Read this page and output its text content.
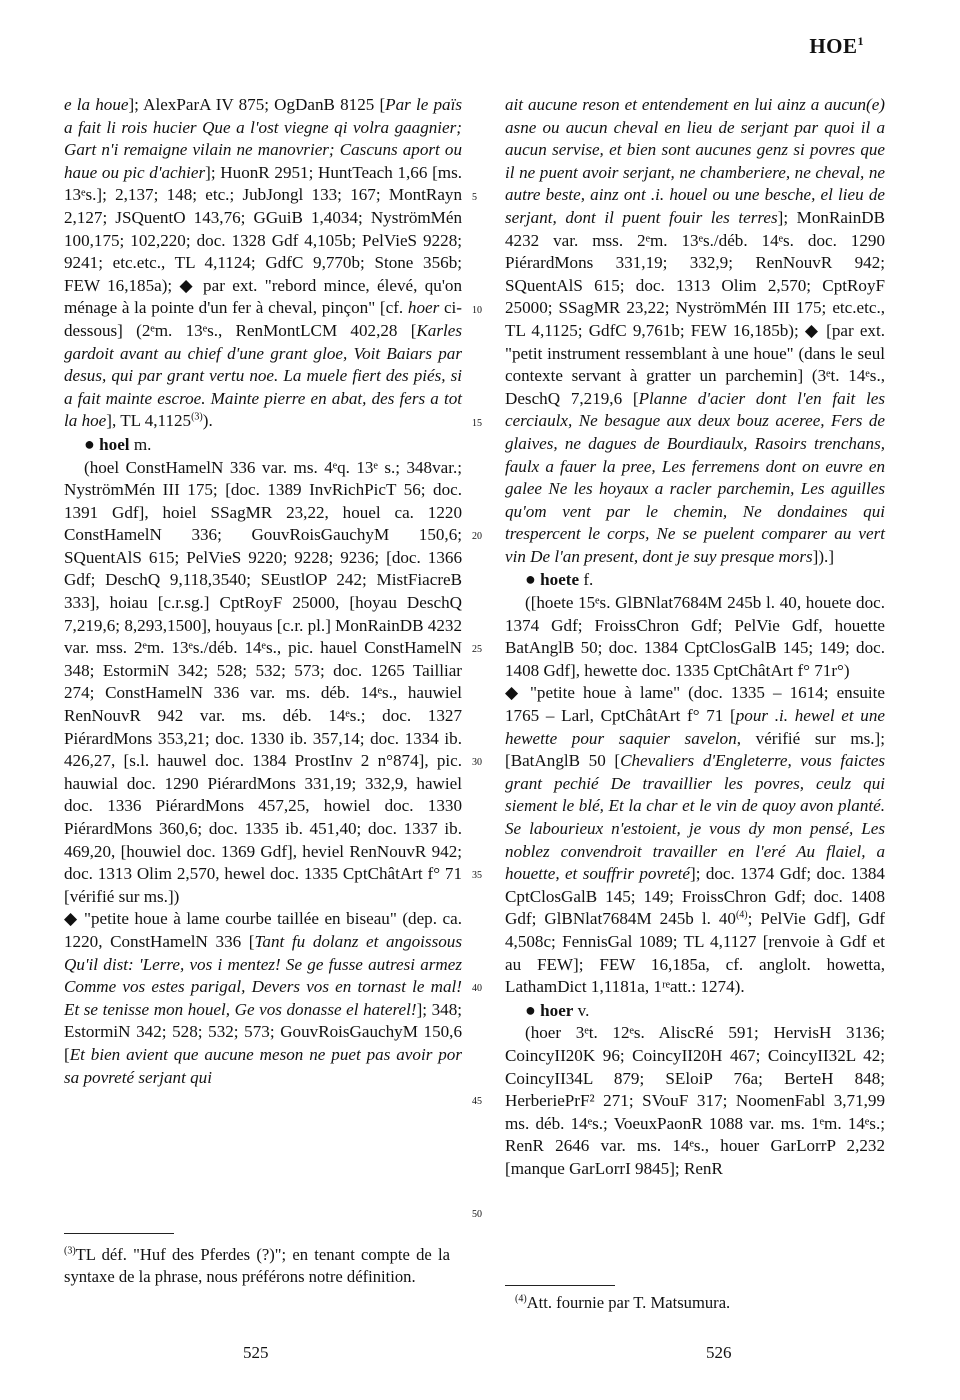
HOE$^1$

e la houe]; AlexParA IV 875; OgDanB 8125 [Par le païs a fait li rois hucier Que a l'ost viegne qi volra gaagnier; Gart n'i remaigne vilain ne manovrier; Cascuns aport ou haue ou pic d'achier]; HuonR 2951; HuntTeach 1,66 [ms. 13ᵉs.]; 2,137; 148; etc.; JubJongl 133; 167; MontRayn 2,127; JSQuentO 143,76; GGuiB 1,4034; NyströmMén 100,175; 102,220; doc. 1328 Gdf 4,105b; PelVieS 9228; 9241; etc.etc., TL 4,1124; GdfC 9,770b; Stone 356b; FEW 16,185a); ◆ par ext. "rebord mince, élevé, qu'on ménage à la pointe d'un fer à cheval, pinçon" [cf. hoer ci-dessous] (2ᵉm. 13ᵉs., RenMontLCM 402,28 [Karles gardoit avant au chief d'une grant gloe, Voit Baiars par desus, qui par grant vertu noe. La muele fiert des piés, si a fait mainte escroe. Mainte pierre en abat, des fers a tot la hoe], TL 4,1125$^{(3)}$).

● hoel m.

(hoel ConstHamelN 336 var. ms. 4ᵉq. 13ᵉ s.; 348var.; NyströmMén III 175; [doc. 1389 InvRichPicT 56; doc. 1391 Gdf], hoiel SSagMR 23,22, houel ca. 1220 ConstHamelN 336; GouvRoisGauchyM 150,6; SQuentAlS 615; PelVieS 9220; 9228; 9236; [doc. 1366 Gdf; DeschQ 9,118,3540; SEustlOP 242; MistFiacreB 333], hoiau [c.r.sg.] CptRoyF 25000, [hoyau DeschQ 7,219,6; 8,293,1500], houyaus [c.r. pl.] MonRainDB 4232 var. mss. 2ᵉm. 13ᵉs./déb. 14ᵉs., pic. hauel ConstHamelN 348; EstormiN 342; 528; 532; 573; doc. 1265 Tailliar 274; ConstHamelN 336 var. ms. déb. 14ᵉs., hauwiel RenNouvR 942 var. ms. déb. 14ᵉs.; doc. 1327 PiérardMons 353,21; doc. 1330 ib. 357,14; doc. 1334 ib. 426,27, [s.l. hauwel doc. 1384 ProstInv 2 n°874], pic. hauwial doc. 1290 PiérardMons 331,19; 332,9, hawiel doc. 1336 PiérardMons 457,25, howiel doc. 1330 PiérardMons 360,6; doc. 1335 ib. 451,40; doc. 1337 ib. 469,20, [houwiel doc. 1369 Gdf], heviel RenNouvR 942; doc. 1313 Olim 2,570, hewel doc. 1335 CptChâtArt f° 71 [vérifié sur ms.])

◆ "petite houe à lame courbe taillée en biseau" (dep. ca. 1220, ConstHamelN 336 [Tant fu dolanz et angoissous Qu'il dist: 'Lerre, vos i mentez! Se ge fusse autresi armez Comme vos estes parigal, Devers vos en tornast le mal! Et se tenisse mon houel, Ge vos donasse el haterel!]; 348; EstormiN 342; 528; 532; 573; GouvRoisGauchyM 150,6 [Et bien avient que aucune meson ne puet pas avoir por sa povreté serjant qui

5
10
15
20
25
30
35
40
45
50

ait aucune reson et entendement en lui ainz a aucun(e) asne ou aucun cheval en lieu de serjant par quoi il a aucun servise, et bien sont aucunes genz si povres que il ne puent avoir serjant, ne chamberiere, ne cheval, ne autre beste, ainz ont .i. houel ou une besche, el lieu de serjant, dont il puent fouir les terres]; MonRainDB 4232 var. mss. 2ᵉm. 13ᵉs./déb. 14ᵉs. doc. 1290 PiérardMons 331,19; 332,9; RenNouvR 942; SQuentAlS 615; doc. 1313 Olim 2,570; CptRoyF 25000; SSagMR 23,22; NyströmMén III 175; etc.etc., TL 4,1125; GdfC 9,761b; FEW 16,185b); ◆ [par ext. "petit instrument ressemblant à une houe" (dans le seul contexte servant à gratter un parchemin] (3ᵉt. 14ᵉs., DeschQ 7,219,6 [Planne d'acier dont l'en fait les cerciaulx, Ne besague aux deux bouz aceree, Fers de glaives, ne dagues de Bourdiaulx, Rasoirs trenchans, faulx a fauer la pree, Les ferremens dont on euvre en galee Ne les hoyaux a racler parchemin, Les aguilles qu'om vent par le chemin, Ne dondaines qui trespercent le corps, Ne se puelent comparer au vert vin De l'an present, dont je suy presque mors]).]

● hoete f.

([hoete 15ᵉs. GlBNlat7684M 245b l. 40, houete doc. 1374 Gdf; FroissChron Gdf; PelVie Gdf, houette BatAnglB 50; doc. 1384 CptClosGalB 145; 149; doc. 1408 Gdf], hewette doc. 1335 CptChâtArt f° 71r°)

◆ "petite houe à lame" (doc. 1335 – 1614; ensuite 1765 – Larl, CptChâtArt f° 71 [pour .i. hewel et une hewette pour saquier savelon, vérifié sur ms.]; [BatAnglB 50 [Chevaliers d'Engleterre, vous faictes grant pechié De travaillier les povres, ceulz qui siement le blé, Et la char et le vin de quoy avon planté. Se labourieux n'estoient, je vous dy mon pensé, Les noblez convendroit travailler en l'eré Au flaiel, a houette, et souffrir povreté]; doc. 1374 Gdf; doc. 1384 CptClosGalB 145; 149; FroissChron Gdf; doc. 1408 Gdf; GlBNlat7684M 245b l. 40$^{(4)}$; PelVie Gdf], Gdf 4,508c; FennisGal 1089; TL 4,1127 [renvoie à Gdf et au FEW]; FEW 16,185a, cf. anglolt. howetta, LathamDict 1,1181a, 1ʳᵉatt.: 1274).

● hoer v.

(hoer 3ᵉt. 12ᵉs. AliscRé 591; HervisH 3136; CoincyII20K 96; CoincyII20H 467; CoincyII32L 42; CoincyII34L 879; SEloiP 76a; BerteH 848; HerberiePrF² 271; SVouF 317; NoomenFabl 3,71,99 ms. déb. 14ᵉs.; VoeuxPaonR 1088 var. ms. 1ᵉm. 14ᵉs.; RenR 2646 var. ms. 14ᵉs., houer GarLorrP 2,232 [manque GarLorrI 9845]; RenR

$^{(3)}$TL déf. "Huf des Pferdes (?)"; en tenant compte de la syntaxe de la phrase, nous préférons notre définition.
$^{(4)}$Att. fournie par T. Matsumura.
525	526
